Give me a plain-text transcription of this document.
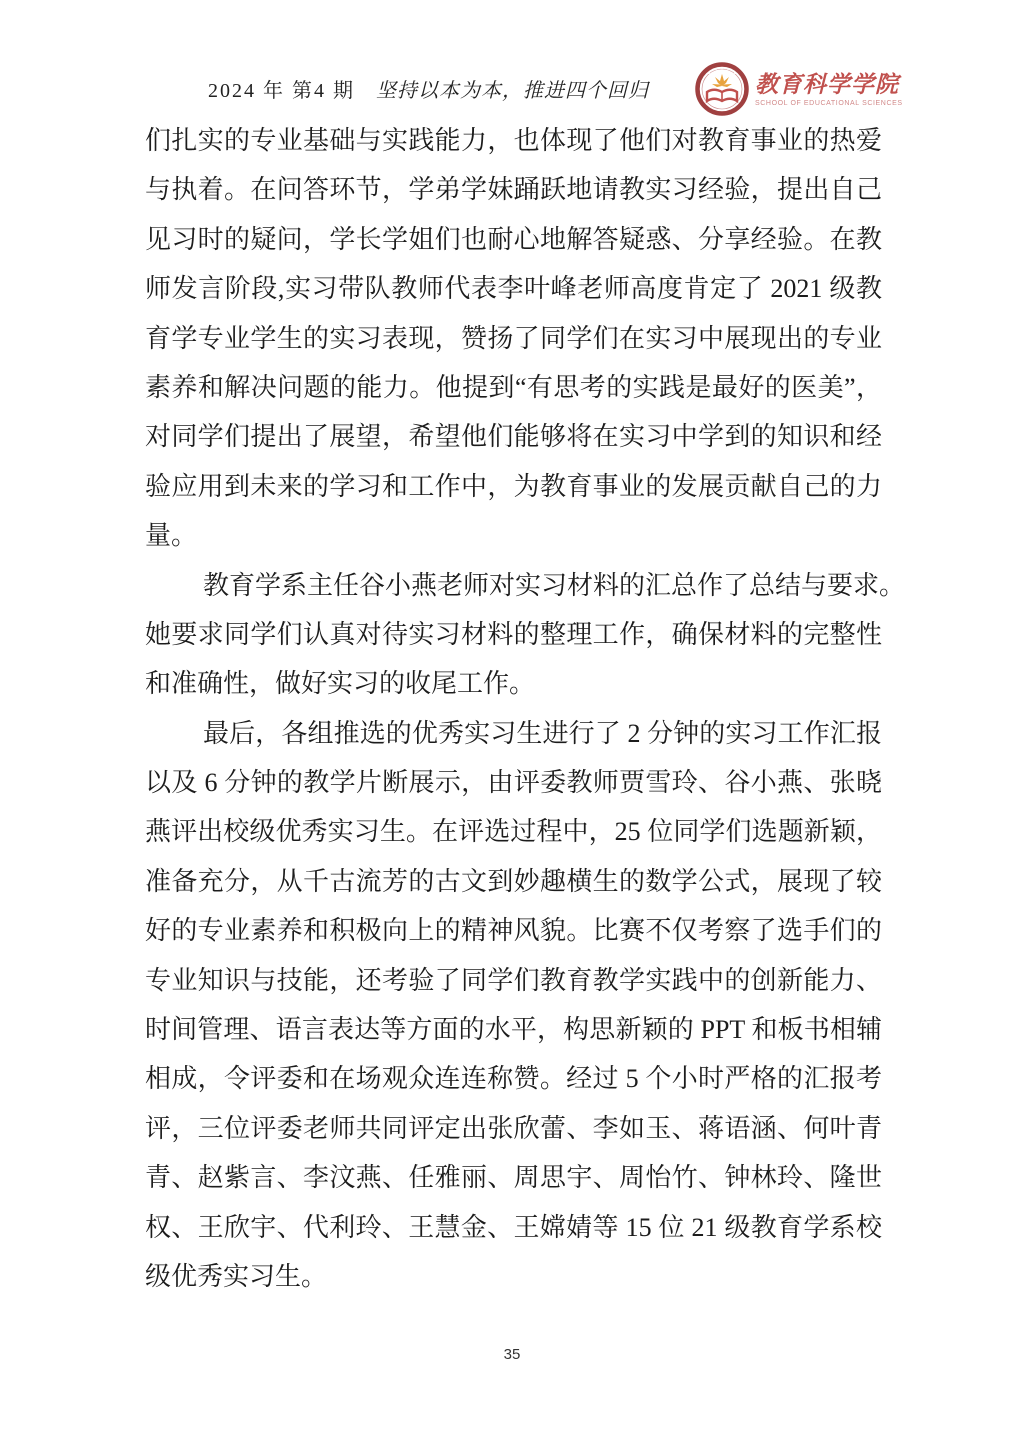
2024 年 第4 期 坚持以本为本，推进四个回归	教育科学学院
SCHOOL OF EDUCATIONAL SCIENCES
们扎实的专业基础与实践能力，也体现了他们对教育事业的热爱
与执着。在问答环节，学弟学妹踊跃地请教实习经验，提出自己
见习时的疑问，学长学姐们也耐心地解答疑惑、分享经验。在教
师发言阶段,实习带队教师代表李叶峰老师高度肯定了 2021 级教
育学专业学生的实习表现，赞扬了同学们在实习中展现出的专业
素养和解决问题的能力。他提到“有思考的实践是最好的医美”，
对同学们提出了展望，希望他们能够将在实习中学到的知识和经
验应用到未来的学习和工作中，为教育事业的发展贡献自己的力
量。
教育学系主任谷小燕老师对实习材料的汇总作了总结与要求。
她要求同学们认真对待实习材料的整理工作，确保材料的完整性
和准确性，做好实习的收尾工作。
最后，各组推选的优秀实习生进行了 2 分钟的实习工作汇报
以及 6 分钟的教学片断展示，由评委教师贾雪玲、谷小燕、张晓
燕评出校级优秀实习生。在评选过程中，25 位同学们选题新颖，
准备充分，从千古流芳的古文到妙趣横生的数学公式，展现了较
好的专业素养和积极向上的精神风貌。比赛不仅考察了选手们的
专业知识与技能，还考验了同学们教育教学实践中的创新能力、
时间管理、语言表达等方面的水平，构思新颖的 PPT 和板书相辅
相成，令评委和在场观众连连称赞。经过 5 个小时严格的汇报考
评，三位评委老师共同评定出张欣蕾、李如玉、蒋语涵、何叶青
青、赵紫言、李汶燕、任雅丽、周思宇、周怡竹、钟林玲、隆世
权、王欣宇、代利玲、王慧金、王嫦婧等 15 位 21 级教育学系校
级优秀实习生。
35
